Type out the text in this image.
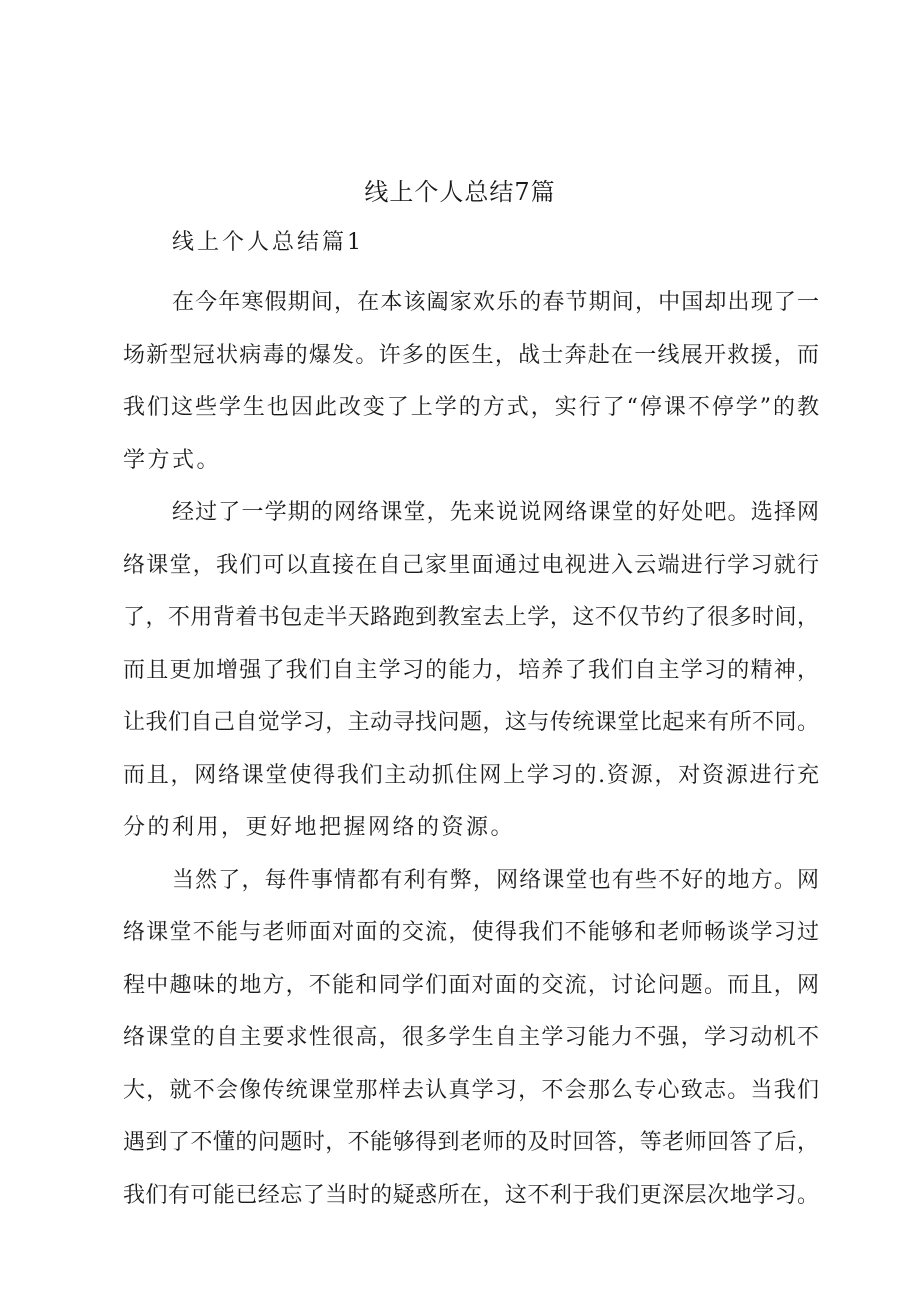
线上个人总结7篇
线上个人总结篇1
在今年寒假期间，在本该阖家欢乐的春节期间，中国却出现了一
场新型冠状病毒的爆发。许多的医生，战士奔赴在一线展开救援，而
我们这些学生也因此改变了上学的方式，实行了“停课不停学”的教
学方式。
经过了一学期的网络课堂，先来说说网络课堂的好处吧。选择网
络课堂，我们可以直接在自己家里面通过电视进入云端进行学习就行
了，不用背着书包走半天路跑到教室去上学，这不仅节约了很多时间，
而且更加增强了我们自主学习的能力，培养了我们自主学习的精神，
让我们自己自觉学习，主动寻找问题，这与传统课堂比起来有所不同。
而且，网络课堂使得我们主动抓住网上学习的.资源，对资源进行充
分的利用，更好地把握网络的资源。
当然了，每件事情都有利有弊，网络课堂也有些不好的地方。网
络课堂不能与老师面对面的交流，使得我们不能够和老师畅谈学习过
程中趣味的地方，不能和同学们面对面的交流，讨论问题。而且，网
络课堂的自主要求性很高，很多学生自主学习能力不强，学习动机不
大，就不会像传统课堂那样去认真学习，不会那么专心致志。当我们
遇到了不懂的问题时，不能够得到老师的及时回答，等老师回答了后，
我们有可能已经忘了当时的疑惑所在，这不利于我们更深层次地学习。
